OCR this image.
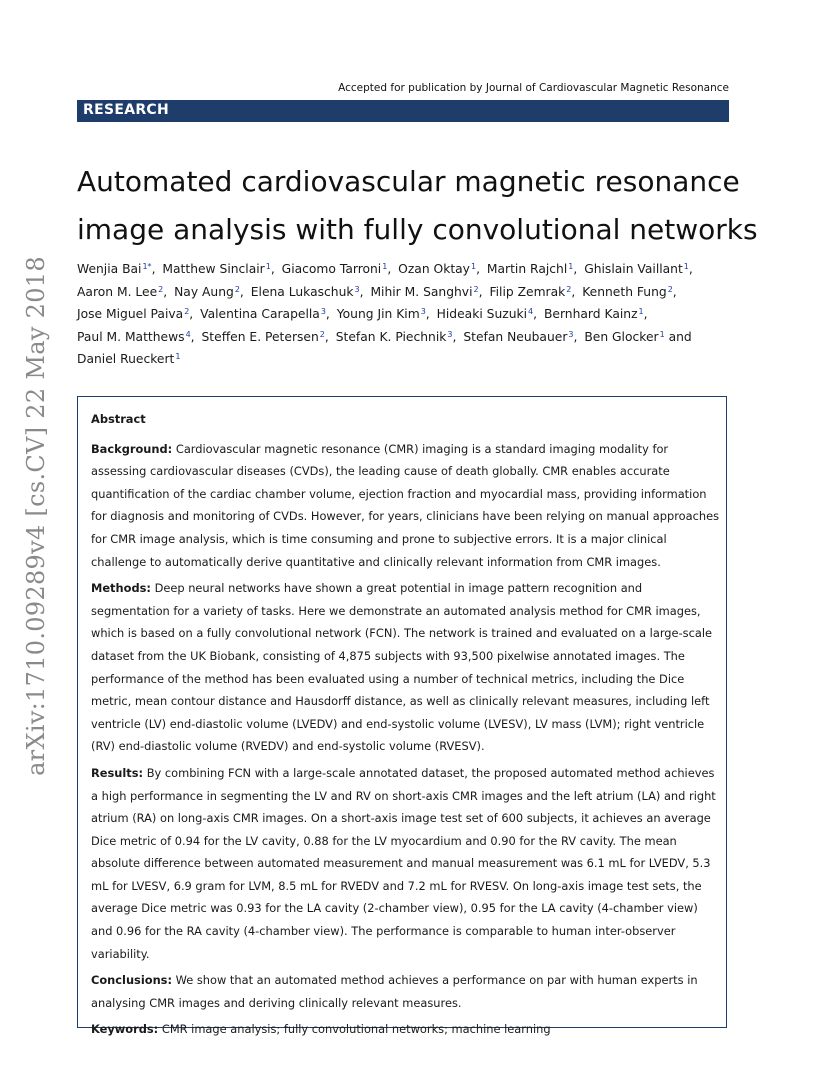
arXiv:1710.09289v4 [cs.CV] 22 May 2018
Accepted for publication by Journal of Cardiovascular Magnetic Resonance
RESEARCH
Automated cardiovascular magnetic resonance
image analysis with fully convolutional networks
Wenjia Bai$^{1*}$, Matthew Sinclair$^1$, Giacomo Tarroni$^1$, Ozan Oktay$^1$, Martin Rajchl$^1$, Ghislain Vaillant$^1$, Aaron M. Lee$^2$, Nay Aung$^2$, Elena Lukaschuk$^3$, Mihir M. Sanghvi$^2$, Filip Zemrak$^2$, Kenneth Fung$^2$, Jose Miguel Paiva$^2$, Valentina Carapella$^3$, Young Jin Kim$^3$, Hideaki Suzuki$^4$, Bernhard Kainz$^1$, Paul M. Matthews$^4$, Steffen E. Petersen$^2$, Stefan K. Piechnik$^3$, Stefan Neubauer$^3$, Ben Glocker$^1$ and Daniel Rueckert$^1$
Abstract

Background: Cardiovascular magnetic resonance (CMR) imaging is a standard imaging modality for assessing cardiovascular diseases (CVDs), the leading cause of death globally. CMR enables accurate quantification of the cardiac chamber volume, ejection fraction and myocardial mass, providing information for diagnosis and monitoring of CVDs. However, for years, clinicians have been relying on manual approaches for CMR image analysis, which is time consuming and prone to subjective errors. It is a major clinical challenge to automatically derive quantitative and clinically relevant information from CMR images.

Methods: Deep neural networks have shown a great potential in image pattern recognition and segmentation for a variety of tasks. Here we demonstrate an automated analysis method for CMR images, which is based on a fully convolutional network (FCN). The network is trained and evaluated on a large-scale dataset from the UK Biobank, consisting of 4,875 subjects with 93,500 pixelwise annotated images. The performance of the method has been evaluated using a number of technical metrics, including the Dice metric, mean contour distance and Hausdorff distance, as well as clinically relevant measures, including left ventricle (LV) end-diastolic volume (LVEDV) and end-systolic volume (LVESV), LV mass (LVM); right ventricle (RV) end-diastolic volume (RVEDV) and end-systolic volume (RVESV).

Results: By combining FCN with a large-scale annotated dataset, the proposed automated method achieves a high performance in segmenting the LV and RV on short-axis CMR images and the left atrium (LA) and right atrium (RA) on long-axis CMR images. On a short-axis image test set of 600 subjects, it achieves an average Dice metric of 0.94 for the LV cavity, 0.88 for the LV myocardium and 0.90 for the RV cavity. The mean absolute difference between automated measurement and manual measurement was 6.1 mL for LVEDV, 5.3 mL for LVESV, 6.9 gram for LVM, 8.5 mL for RVEDV and 7.2 mL for RVESV. On long-axis image test sets, the average Dice metric was 0.93 for the LA cavity (2-chamber view), 0.95 for the LA cavity (4-chamber view) and 0.96 for the RA cavity (4-chamber view). The performance is comparable to human inter-observer variability.

Conclusions: We show that an automated method achieves a performance on par with human experts in analysing CMR images and deriving clinically relevant measures.

Keywords: CMR image analysis; fully convolutional networks; machine learning
